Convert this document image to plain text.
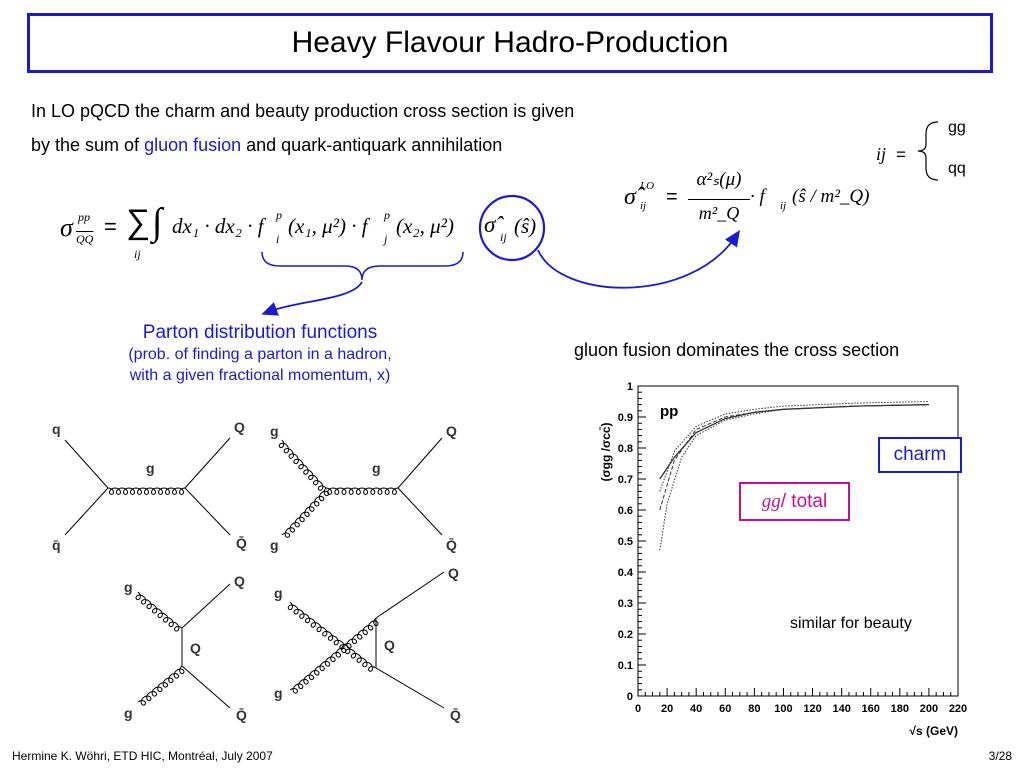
Heavy Flavour Hadro-Production
In LO pQCD the charm and beauty production cross section is given
by the sum of gluon fusion and quark-antiquark annihilation	ij =
gg
qq
σ̂ LO
ij =
α²ₛ(μ)
m²_Q
· f ij (ŝ / m²_Q)
σ pp
$\overline{QQ}$ = ∑
ij
∫ dx₁ · dx₂ · f p
i
(x₁, μ²) · f p
j
(x₂, μ²) σ̂ ij (ŝ)
Parton distribution functions
(prob. of finding a parton in a hadron,
with a given fractional momentum, x)
q
q̄
g
Q
Q̄
g
g
g
Q
Q̄
g
g
Q
Q
Q̄
g
g
Q
Q
Q̄
gluon fusion dominates the cross section
0 20 40 60 80 100 120 140 160 180 200 220
0
0.1
0.2
0.3
0.4
0.5
0.6
0.7
0.8
0.9
1
pp
(σgg /σcc̄)
√s (GeV)
charm
gg / total
similar for beauty
Hermine K. Wöhri, ETD HIC, Montréal, July 2007	3/28
